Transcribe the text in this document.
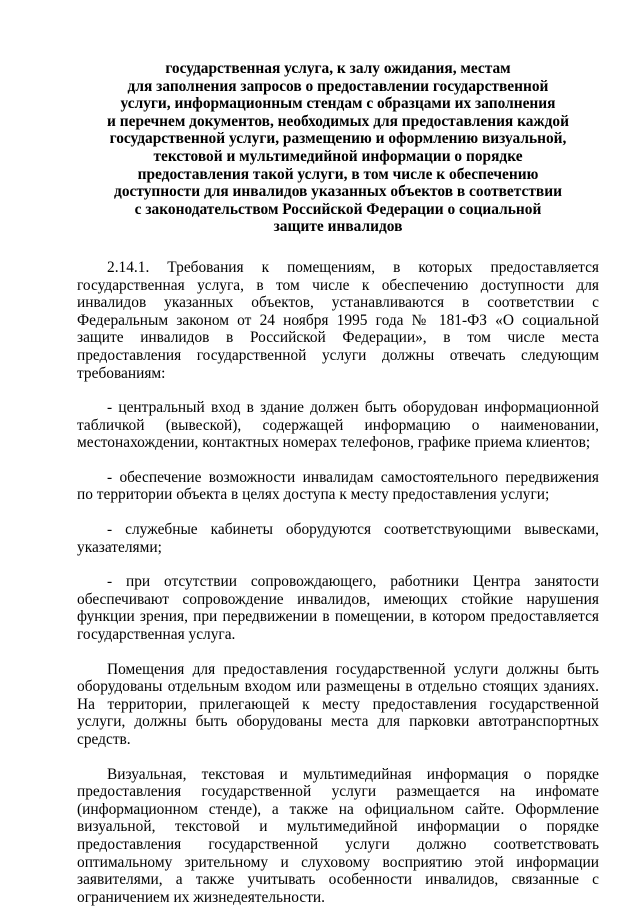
государственная услуга, к залу ожидания, местам
для заполнения запросов о предоставлении государственной
услуги, информационным стендам с образцами их заполнения
и перечнем документов, необходимых для предоставления каждой
государственной услуги, размещению и оформлению визуальной,
текстовой и мультимедийной информации о порядке
предоставления такой услуги, в том числе к обеспечению
доступности для инвалидов указанных объектов в соответствии
с законодательством Российской Федерации о социальной
защите инвалидов

2.14.1. Требования к помещениям, в которых предоставляется государственная услуга, в том числе к обеспечению доступности для инвалидов указанных объектов, устанавливаются в соответствии с Федеральным законом от 24 ноября 1995 года № 181-ФЗ «О социальной защите инвалидов в Российской Федерации», в том числе места предоставления государственной услуги должны отвечать следующим требованиям:

- центральный вход в здание должен быть оборудован информационной табличкой (вывеской), содержащей информацию о наименовании, местонахождении, контактных номерах телефонов, графике приема клиентов;

- обеспечение возможности инвалидам самостоятельного передвижения по территории объекта в целях доступа к месту предоставления услуги;

- служебные кабинеты оборудуются соответствующими вывесками, указателями;

- при отсутствии сопровождающего, работники Центра занятости обеспечивают сопровождение инвалидов, имеющих стойкие нарушения функции зрения, при передвижении в помещении, в котором предоставляется государственная услуга.

Помещения для предоставления государственной услуги должны быть оборудованы отдельным входом или размещены в отдельно стоящих зданиях. На территории, прилегающей к месту предоставления государственной услуги, должны быть оборудованы места для парковки автотранспортных средств.

Визуальная, текстовая и мультимедийная информация о порядке предоставления государственной услуги размещается на инфомате (информационном стенде), а также на официальном сайте. Оформление визуальной, текстовой и мультимедийной информации о порядке предоставления государственной услуги должно соответствовать оптимальному зрительному и слуховому восприятию этой информации заявителями, а также учитывать особенности инвалидов, связанные с ограничением их жизнедеятельности.
